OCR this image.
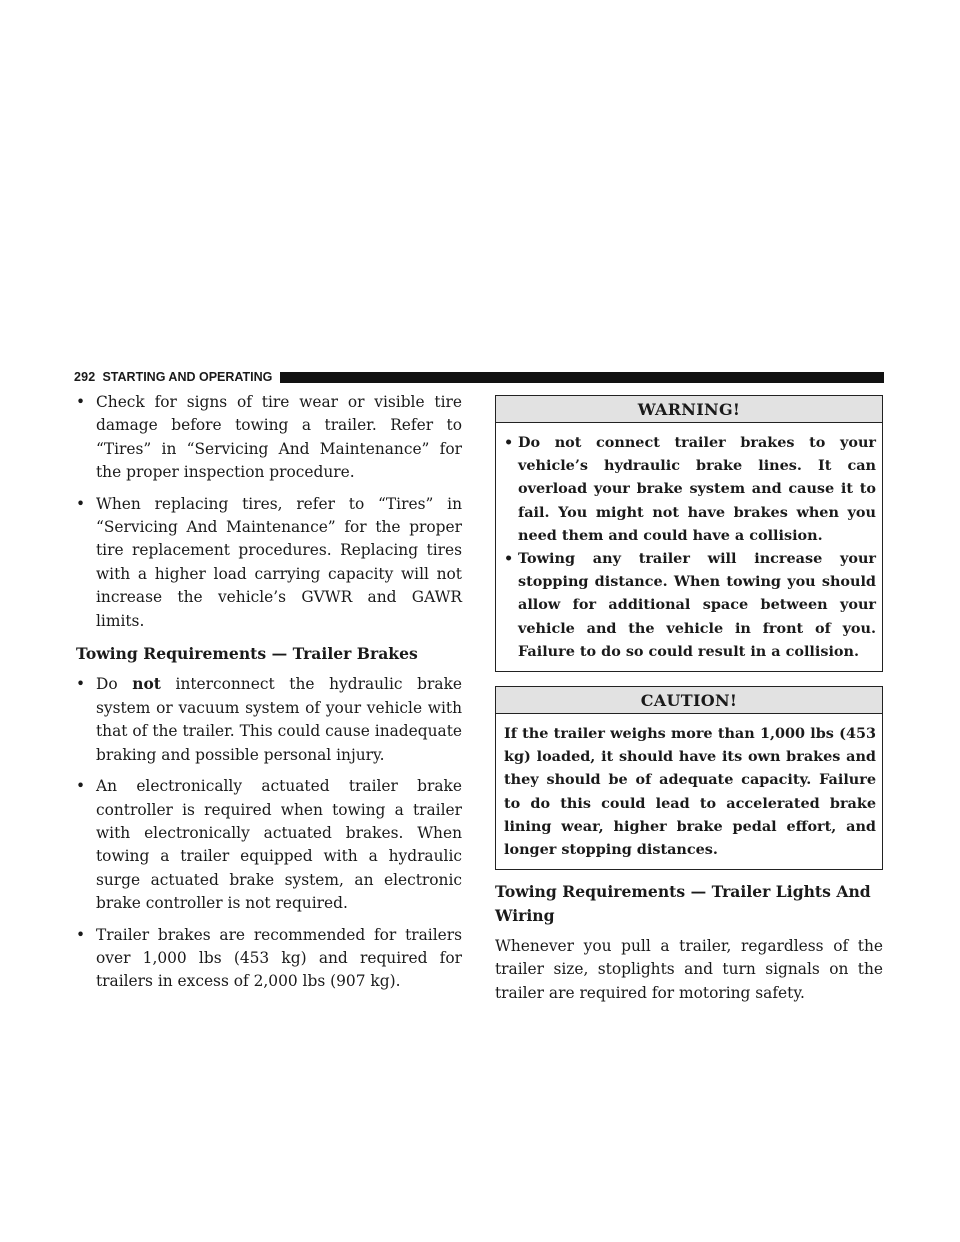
292 STARTING AND OPERATING
• Check for signs of tire wear or visible tire damage before towing a trailer. Refer to “Tires” in “Servicing And Maintenance” for the proper inspection procedure.
• When replacing tires, refer to “Tires” in “Servicing And Maintenance” for the proper tire replacement procedures. Replacing tires with a higher load carrying capacity will not increase the vehicle’s GVWR and GAWR limits.
Towing Requirements — Trailer Brakes
• Do not interconnect the hydraulic brake system or vacuum system of your vehicle with that of the trailer. This could cause inadequate braking and possible personal injury.
• An electronically actuated trailer brake controller is required when towing a trailer with electronically actuated brakes. When towing a trailer equipped with a hydraulic surge actuated brake system, an electronic brake controller is not required.
• Trailer brakes are recommended for trailers over 1,000 lbs (453 kg) and required for trailers in excess of 2,000 lbs (907 kg).
WARNING!
• Do not connect trailer brakes to your vehicle’s hydraulic brake lines. It can overload your brake system and cause it to fail. You might not have brakes when you need them and could have a collision.
• Towing any trailer will increase your stopping distance. When towing you should allow for additional space between your vehicle and the vehicle in front of you. Failure to do so could result in a collision.
CAUTION!

If the trailer weighs more than 1,000 lbs (453 kg) loaded, it should have its own brakes and they should be of adequate capacity. Failure to do this could lead to accelerated brake lining wear, higher brake pedal effort, and longer stopping distances.

Towing Requirements — Trailer Lights And Wiring

Whenever you pull a trailer, regardless of the trailer size, stoplights and turn signals on the trailer are required for motoring safety.
